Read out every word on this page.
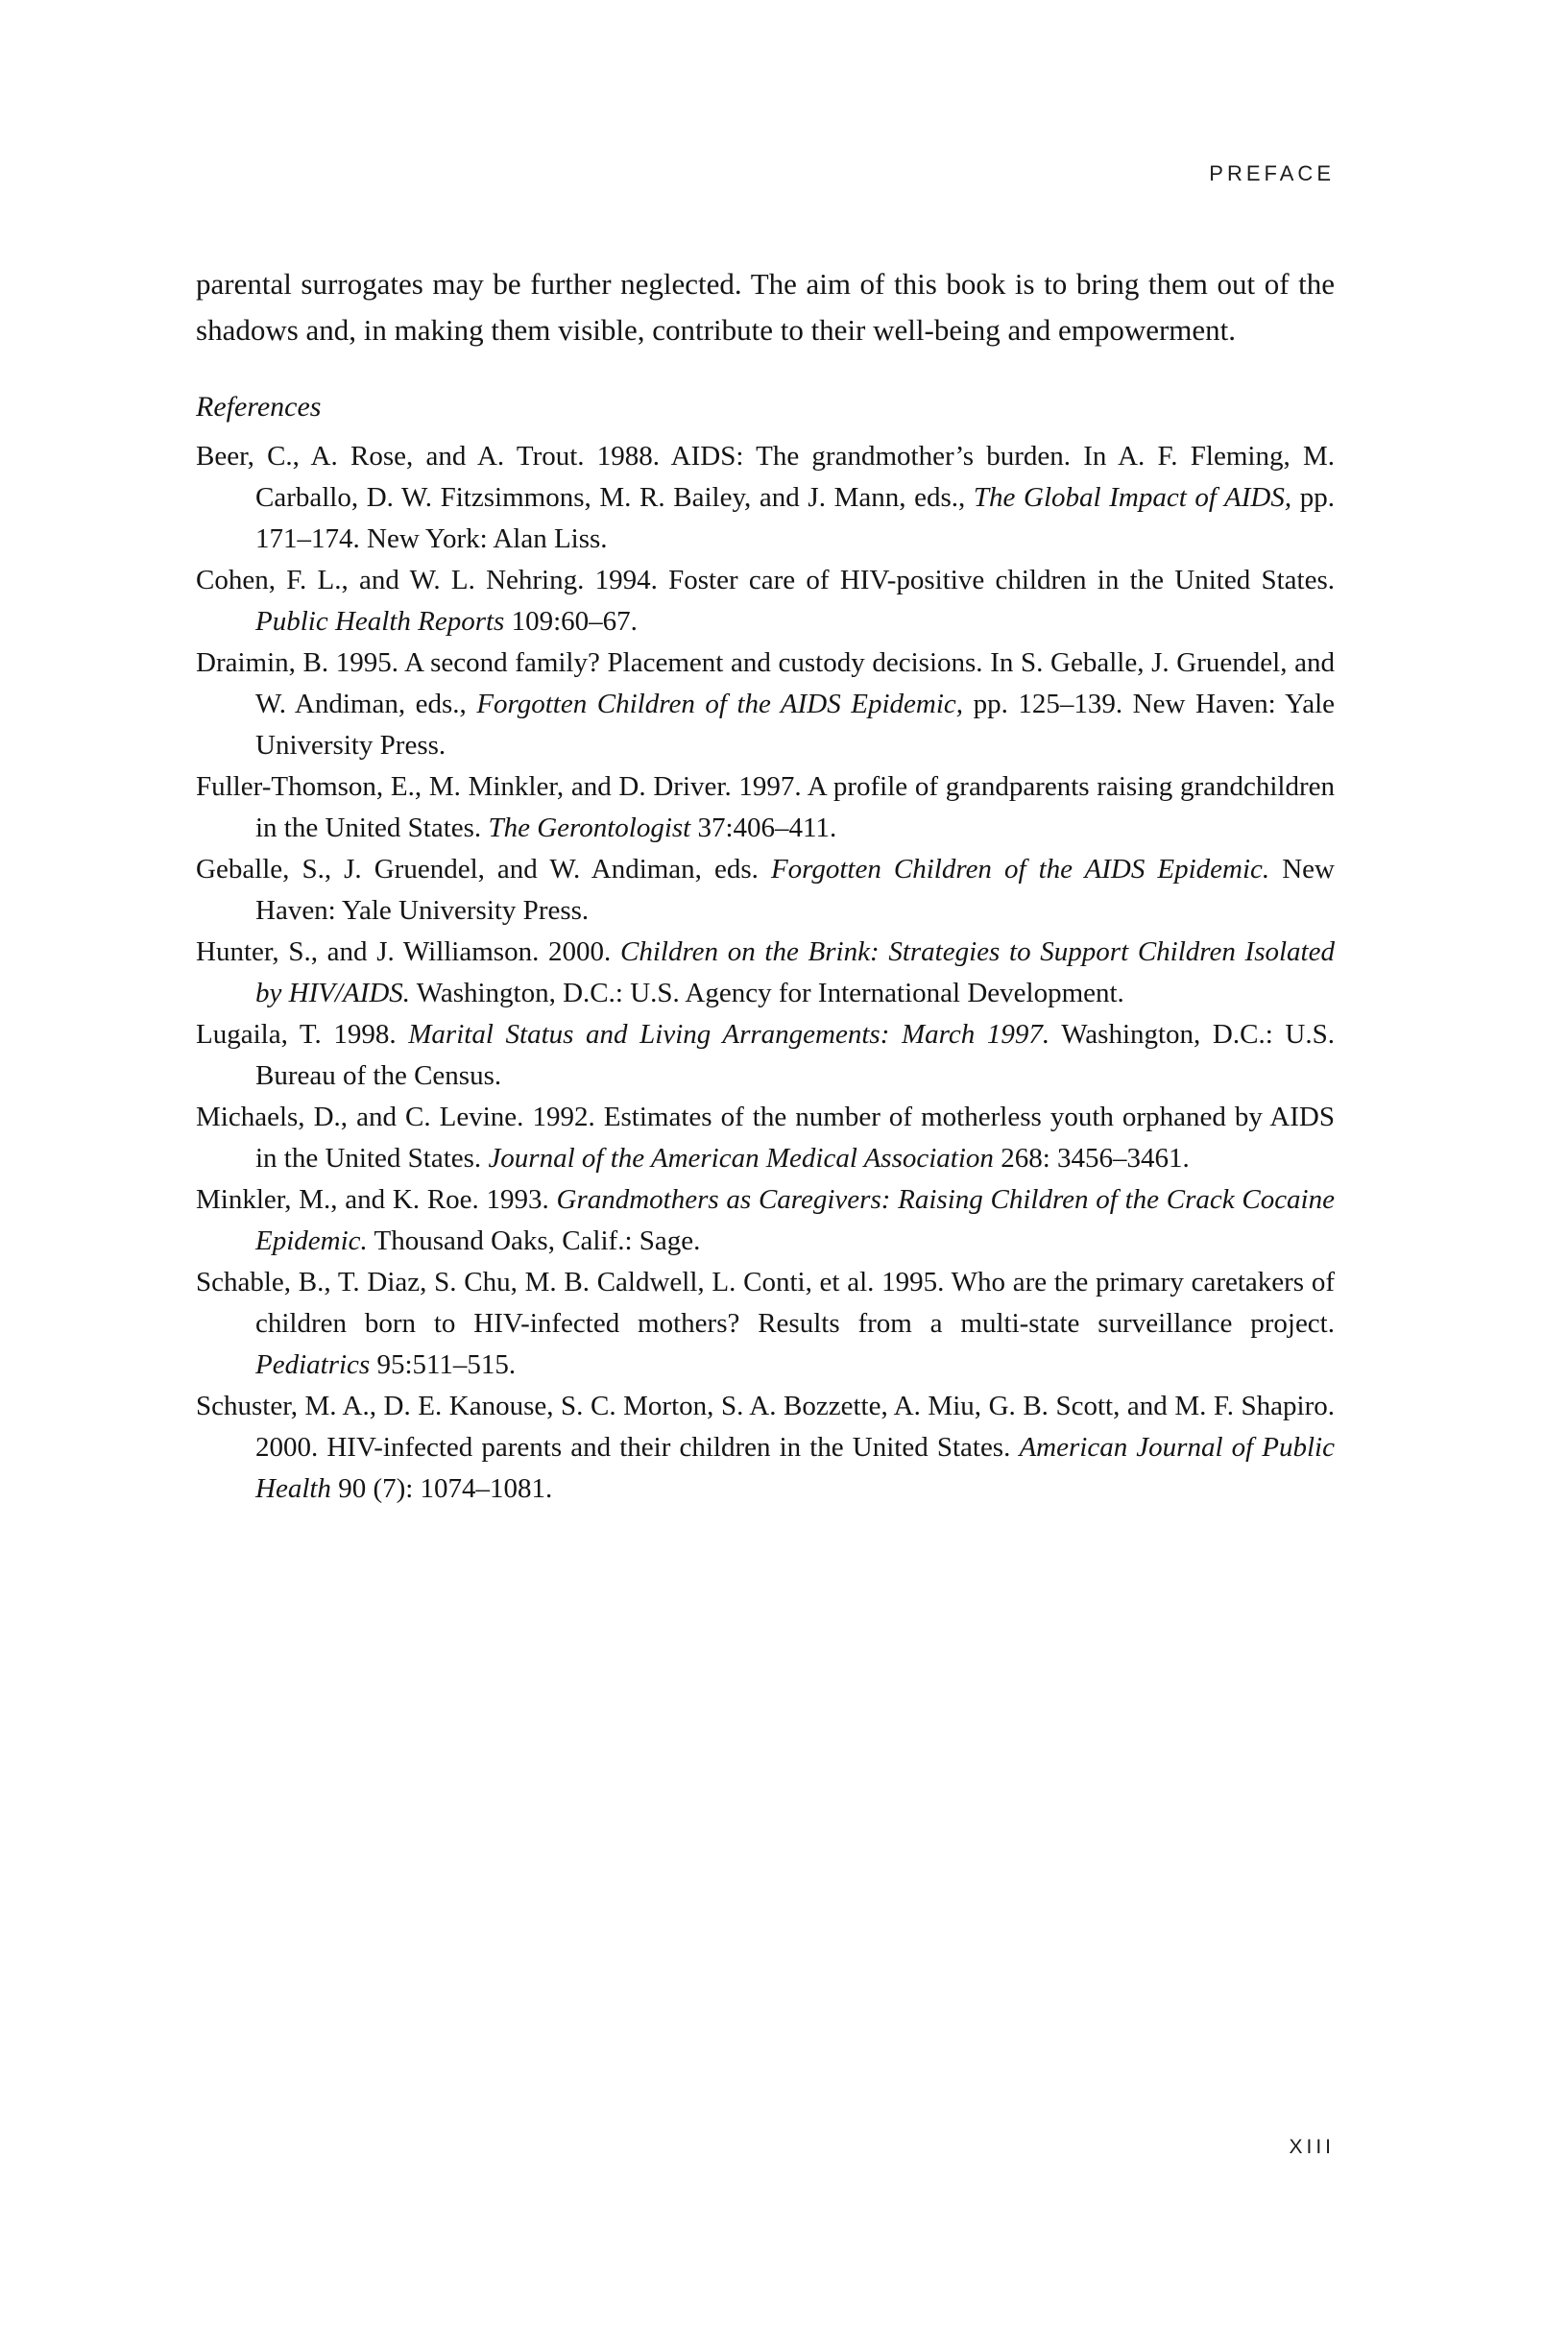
PREFACE

parental surrogates may be further neglected. The aim of this book is to bring them out of the shadows and, in making them visible, contribute to their well-being and empowerment.

References

Beer, C., A. Rose, and A. Trout. 1988. AIDS: The grandmother’s burden. In A. F. Fleming, M. Carballo, D. W. Fitzsimmons, M. R. Bailey, and J. Mann, eds., The Global Impact of AIDS, pp. 171–174. New York: Alan Liss.

Cohen, F. L., and W. L. Nehring. 1994. Foster care of HIV-positive children in the United States. Public Health Reports 109:60–67.

Draimin, B. 1995. A second family? Placement and custody decisions. In S. Geballe, J. Gruendel, and W. Andiman, eds., Forgotten Children of the AIDS Epidemic, pp. 125–139. New Haven: Yale University Press.

Fuller-Thomson, E., M. Minkler, and D. Driver. 1997. A profile of grandparents raising grandchildren in the United States. The Gerontologist 37:406–411.

Geballe, S., J. Gruendel, and W. Andiman, eds. Forgotten Children of the AIDS Epidemic. New Haven: Yale University Press.

Hunter, S., and J. Williamson. 2000. Children on the Brink: Strategies to Support Children Isolated by HIV/AIDS. Washington, D.C.: U.S. Agency for International Development.

Lugaila, T. 1998. Marital Status and Living Arrangements: March 1997. Washington, D.C.: U.S. Bureau of the Census.

Michaels, D., and C. Levine. 1992. Estimates of the number of motherless youth orphaned by AIDS in the United States. Journal of the American Medical Association 268: 3456–3461.

Minkler, M., and K. Roe. 1993. Grandmothers as Caregivers: Raising Children of the Crack Cocaine Epidemic. Thousand Oaks, Calif.: Sage.

Schable, B., T. Diaz, S. Chu, M. B. Caldwell, L. Conti, et al. 1995. Who are the primary caretakers of children born to HIV-infected mothers? Results from a multi-state surveillance project. Pediatrics 95:511–515.

Schuster, M. A., D. E. Kanouse, S. C. Morton, S. A. Bozzette, A. Miu, G. B. Scott, and M. F. Shapiro. 2000. HIV-infected parents and their children in the United States. American Journal of Public Health 90 (7): 1074–1081.

XIII
